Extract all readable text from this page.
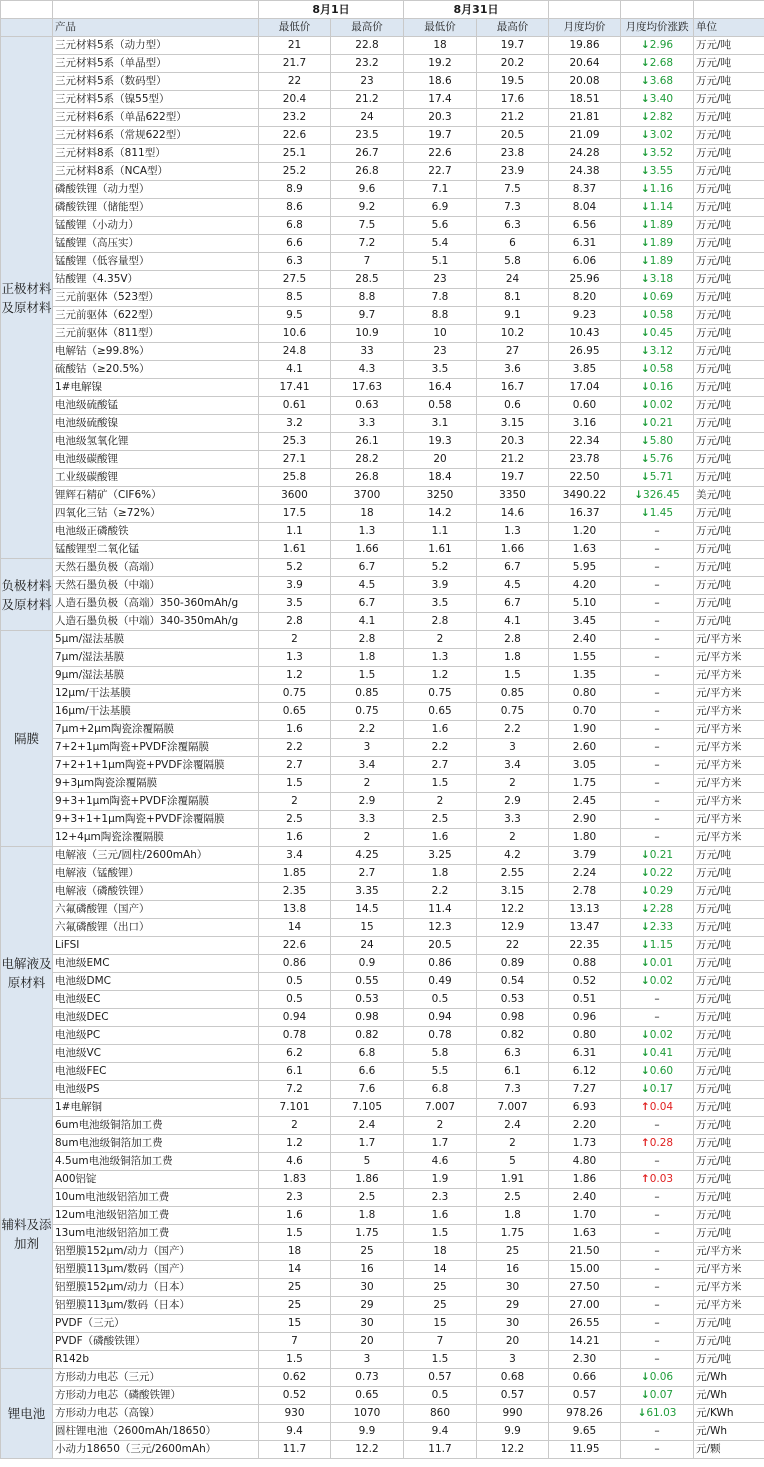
		8月1日		8月31日				
	产品	最低价	最高价	最低价	最高价	月度均价	月度均价涨跌	单位
正极材料及原材料	三元材料5系（动力型）	21	22.8	18	19.7	19.86	↓2.96	万元/吨
	三元材料5系（单晶型）	21.7	23.2	19.2	20.2	20.64	↓2.68	万元/吨
	三元材料5系（数码型）	22	23	18.6	19.5	20.08	↓3.68	万元/吨
	三元材料5系（镍55型）	20.4	21.2	17.4	17.6	18.51	↓3.40	万元/吨
	三元材料6系（单晶622型）	23.2	24	20.3	21.2	21.81	↓2.82	万元/吨
	三元材料6系（常规622型）	22.6	23.5	19.7	20.5	21.09	↓3.02	万元/吨
	三元材料8系（811型）	25.1	26.7	22.6	23.8	24.28	↓3.52	万元/吨
	三元材料8系（NCA型）	25.2	26.8	22.7	23.9	24.38	↓3.55	万元/吨
	磷酸铁锂（动力型）	8.9	9.6	7.1	7.5	8.37	↓1.16	万元/吨
	磷酸铁锂（储能型）	8.6	9.2	6.9	7.3	8.04	↓1.14	万元/吨
	锰酸锂（小动力）	6.8	7.5	5.6	6.3	6.56	↓1.89	万元/吨
	锰酸锂（高压实）	6.6	7.2	5.4	6	6.31	↓1.89	万元/吨
	锰酸锂（低容量型）	6.3	7	5.1	5.8	6.06	↓1.89	万元/吨
	钴酸锂（4.35V）	27.5	28.5	23	24	25.96	↓3.18	万元/吨
	三元前驱体（523型）	8.5	8.8	7.8	8.1	8.20	↓0.69	万元/吨
	三元前驱体（622型）	9.5	9.7	8.8	9.1	9.23	↓0.58	万元/吨
	三元前驱体（811型）	10.6	10.9	10	10.2	10.43	↓0.45	万元/吨
	电解钴（≥99.8%）	24.8	33	23	27	26.95	↓3.12	万元/吨
	硫酸钴（≥20.5%）	4.1	4.3	3.5	3.6	3.85	↓0.58	万元/吨
	1#电解镍	17.41	17.63	16.4	16.7	17.04	↓0.16	万元/吨
	电池级硫酸锰	0.61	0.63	0.58	0.6	0.60	↓0.02	万元/吨
	电池级硫酸镍	3.2	3.3	3.1	3.15	3.16	↓0.21	万元/吨
	电池级氢氧化锂	25.3	26.1	19.3	20.3	22.34	↓5.80	万元/吨
	电池级碳酸锂	27.1	28.2	20	21.2	23.78	↓5.76	万元/吨
	工业级碳酸锂	25.8	26.8	18.4	19.7	22.50	↓5.71	万元/吨
	锂辉石精矿（CIF6%）	3600	3700	3250	3350	3490.22	↓326.45	美元/吨
	四氧化三钴（≥72%）	17.5	18	14.2	14.6	16.37	↓1.45	万元/吨
	电池级正磷酸铁	1.1	1.3	1.1	1.3	1.20	–	万元/吨
	锰酸锂型二氧化锰	1.61	1.66	1.61	1.66	1.63	–	万元/吨
负极材料及原材料	天然石墨负极（高端）	5.2	6.7	5.2	6.7	5.95	–	万元/吨
	天然石墨负极（中端）	3.9	4.5	3.9	4.5	4.20	–	万元/吨
	人造石墨负极（高端）350-360mAh/g	3.5	6.7	3.5	6.7	5.10	–	万元/吨
	人造石墨负极（中端）340-350mAh/g	2.8	4.1	2.8	4.1	3.45	–	万元/吨
隔膜	5μm/湿法基膜	2	2.8	2	2.8	2.40	–	元/平方米
	7μm/湿法基膜	1.3	1.8	1.3	1.8	1.55	–	元/平方米
	9μm/湿法基膜	1.2	1.5	1.2	1.5	1.35	–	元/平方米
	12μm/干法基膜	0.75	0.85	0.75	0.85	0.80	–	元/平方米
	16μm/干法基膜	0.65	0.75	0.65	0.75	0.70	–	元/平方米
	7μm+2μm陶瓷涂覆隔膜	1.6	2.2	1.6	2.2	1.90	–	元/平方米
	7+2+1μm陶瓷+PVDF涂覆隔膜	2.2	3	2.2	3	2.60	–	元/平方米
	7+2+1+1μm陶瓷+PVDF涂覆隔膜	2.7	3.4	2.7	3.4	3.05	–	元/平方米
	9+3μm陶瓷涂覆隔膜	1.5	2	1.5	2	1.75	–	元/平方米
	9+3+1μm陶瓷+PVDF涂覆隔膜	2	2.9	2	2.9	2.45	–	元/平方米
	9+3+1+1μm陶瓷+PVDF涂覆隔膜	2.5	3.3	2.5	3.3	2.90	–	元/平方米
	12+4μm陶瓷涂覆隔膜	1.6	2	1.6	2	1.80	–	元/平方米
电解液及原材料	电解液（三元/圆柱/2600mAh）	3.4	4.25	3.25	4.2	3.79	↓0.21	万元/吨
	电解液（锰酸锂）	1.85	2.7	1.8	2.55	2.24	↓0.22	万元/吨
	电解液（磷酸铁锂）	2.35	3.35	2.2	3.15	2.78	↓0.29	万元/吨
	六氟磷酸锂（国产）	13.8	14.5	11.4	12.2	13.13	↓2.28	万元/吨
	六氟磷酸锂（出口）	14	15	12.3	12.9	13.47	↓2.33	万元/吨
	LiFSI	22.6	24	20.5	22	22.35	↓1.15	万元/吨
	电池级EMC	0.86	0.9	0.86	0.89	0.88	↓0.01	万元/吨
	电池级DMC	0.5	0.55	0.49	0.54	0.52	↓0.02	万元/吨
	电池级EC	0.5	0.53	0.5	0.53	0.51	–	万元/吨
	电池级DEC	0.94	0.98	0.94	0.98	0.96	–	万元/吨
	电池级PC	0.78	0.82	0.78	0.82	0.80	↓0.02	万元/吨
	电池级VC	6.2	6.8	5.8	6.3	6.31	↓0.41	万元/吨
	电池级FEC	6.1	6.6	5.5	6.1	6.12	↓0.60	万元/吨
	电池级PS	7.2	7.6	6.8	7.3	7.27	↓0.17	万元/吨
辅料及添加剂	1#电解铜	7.101	7.105	7.007	7.007	6.93	↑0.04	万元/吨
	6um电池级铜箔加工费	2	2.4	2	2.4	2.20	–	万元/吨
	8um电池级铜箔加工费	1.2	1.7	1.7	2	1.73	↑0.28	万元/吨
	4.5um电池级铜箔加工费	4.6	5	4.6	5	4.80	–	万元/吨
	A00铝锭	1.83	1.86	1.9	1.91	1.86	↑0.03	万元/吨
	10um电池级铝箔加工费	2.3	2.5	2.3	2.5	2.40	–	万元/吨
	12um电池级铝箔加工费	1.6	1.8	1.6	1.8	1.70	–	万元/吨
	13um电池级铝箔加工费	1.5	1.75	1.5	1.75	1.63	–	万元/吨
	铝塑膜152μm/动力（国产）	18	25	18	25	21.50	–	元/平方米
	铝塑膜113μm/数码（国产）	14	16	14	16	15.00	–	元/平方米
	铝塑膜152μm/动力（日本）	25	30	25	30	27.50	–	元/平方米
	铝塑膜113μm/数码（日本）	25	29	25	29	27.00	–	元/平方米
	PVDF（三元）	15	30	15	30	26.55	–	万元/吨
	PVDF（磷酸铁锂）	7	20	7	20	14.21	–	万元/吨
	R142b	1.5	3	1.5	3	2.30	–	万元/吨
锂电池	方形动力电芯（三元）	0.62	0.73	0.57	0.68	0.66	↓0.06	元/Wh
	方形动力电芯（磷酸铁锂）	0.52	0.65	0.5	0.57	0.57	↓0.07	元/Wh
	方形动力电芯（高镍）	930	1070	860	990	978.26	↓61.03	元/KWh
	圆柱锂电池（2600mAh/18650）	9.4	9.9	9.4	9.9	9.65	–	元/Wh
	小动力18650（三元/2600mAh）	11.7	12.2	11.7	12.2	11.95	–	元/颗
